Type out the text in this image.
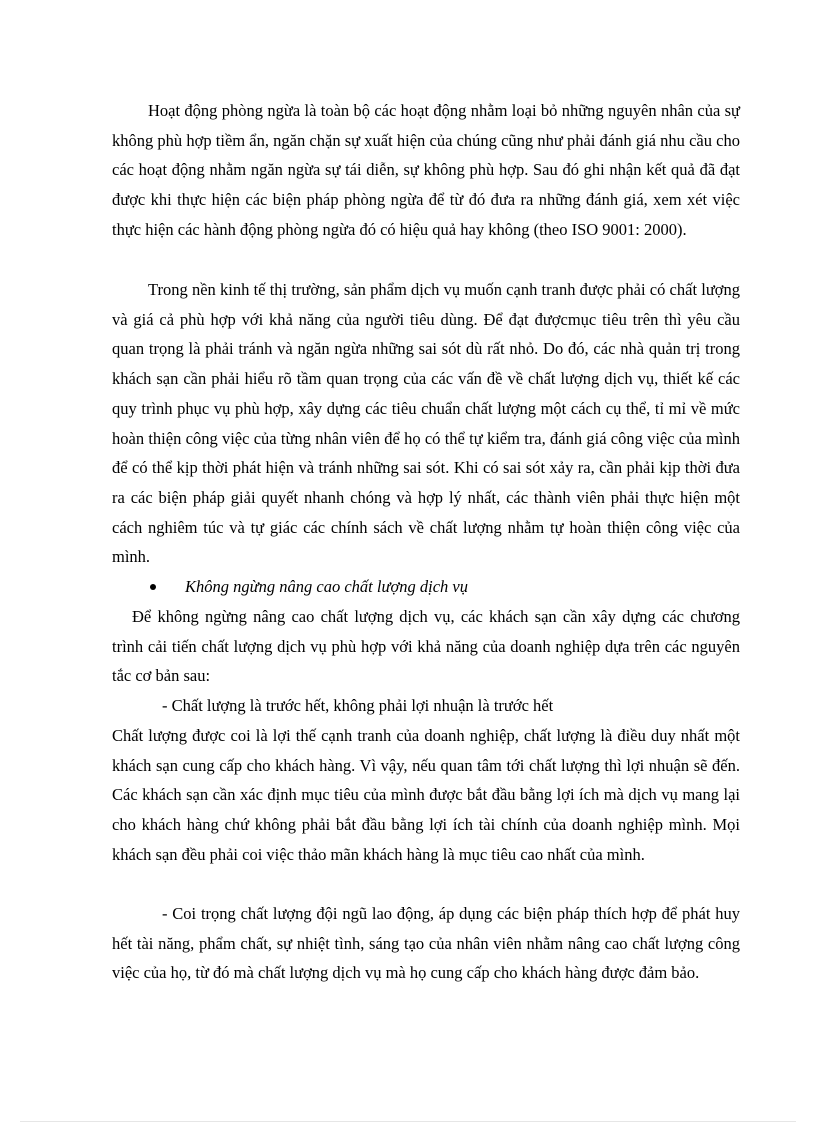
Hoạt động phòng ngừa là toàn bộ các hoạt động nhằm loại bỏ những nguyên nhân của sự không phù hợp tiềm ẩn, ngăn chặn sự xuất hiện của chúng cũng như phải đánh giá nhu cầu cho các hoạt động nhằm ngăn ngừa sự tái diễn, sự không phù hợp. Sau đó ghi nhận kết quả đã đạt được khi thực hiện các biện pháp phòng ngừa để từ đó đưa ra những đánh giá, xem xét việc thực hiện các hành động phòng ngừa đó có hiệu quả hay không (theo ISO 9001: 2000).

Trong nền kinh tế thị trường, sản phẩm dịch vụ muốn cạnh tranh được phải có chất lượng và giá cả phù hợp với khả năng của người tiêu dùng. Để đạt đượcmục tiêu trên thì yêu cầu quan trọng là phải tránh và ngăn ngừa những sai sót dù rất nhỏ. Do đó, các nhà quản trị trong khách sạn cần phải hiểu rõ tầm quan trọng của các vấn đề về chất lượng dịch vụ, thiết kế các quy trình phục vụ phù hợp, xây dựng các tiêu chuẩn chất lượng một cách cụ thể, tỉ mỉ về mức hoàn thiện công việc của từng nhân viên để họ có thể tự kiểm tra, đánh giá công việc của mình để có thể kịp thời phát hiện và tránh những sai sót. Khi có sai sót xảy ra, cần phải kịp thời đưa ra các biện pháp giải quyết nhanh chóng và hợp lý nhất, các thành viên phải thực hiện một cách nghiêm túc và tự giác các chính sách về chất lượng nhằm tự hoàn thiện công việc của mình.

Không ngừng nâng cao chất lượng dịch vụ

Để không ngừng nâng cao chất lượng dịch vụ, các khách sạn cần xây dựng các chương trình cải tiến chất lượng dịch vụ phù hợp với khả năng của doanh nghiệp dựa trên các nguyên tắc cơ bản sau:

- Chất lượng là trước hết, không phải lợi nhuận là trước hết

Chất lượng được coi là lợi thế cạnh tranh của doanh nghiệp, chất lượng là điều duy nhất một khách sạn cung cấp cho khách hàng. Vì vậy, nếu quan tâm tới chất lượng thì lợi nhuận sẽ đến. Các khách sạn cần xác định mục tiêu của mình được bắt đầu bằng lợi ích mà dịch vụ mang lại cho khách hàng chứ không phải bắt đầu bằng lợi ích tài chính của doanh nghiệp mình. Mọi khách sạn đều phải coi việc thảo mãn khách hàng là mục tiêu cao nhất của mình.

- Coi trọng chất lượng đội ngũ lao động, áp dụng các biện pháp thích hợp để phát huy hết tài năng, phẩm chất, sự nhiệt tình, sáng tạo của nhân viên nhằm nâng cao chất lượng công việc của họ, từ đó mà chất lượng dịch vụ mà họ cung cấp cho khách hàng được đảm bảo.
